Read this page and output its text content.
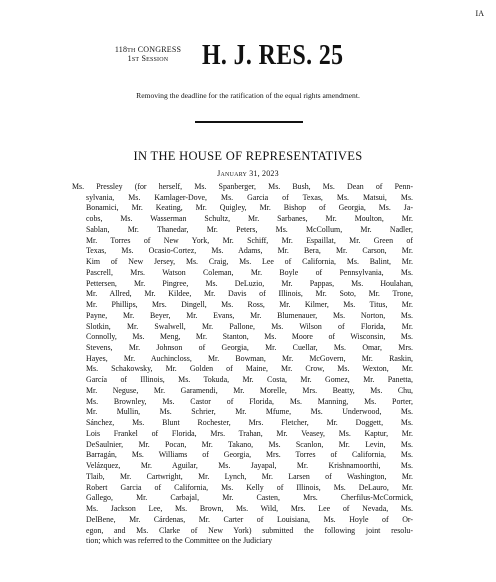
IA
118th CONGRESS
1st Session	H. J. RES. 25
Removing the deadline for the ratification of the equal rights amendment.
IN THE HOUSE OF REPRESENTATIVES
January 31, 2023
Ms. Pressley (for herself, Ms. Spanberger, Ms. Bush, Ms. Dean of Penn-
sylvania, Ms. Kamlager-Dove, Ms. Garcia of Texas, Ms. Matsui, Ms.
Bonamici, Mr. Keating, Mr. Quigley, Mr. Bishop of Georgia, Ms. Ja-
cobs, Ms. Wasserman Schultz, Mr. Sarbanes, Mr. Moulton, Mr.
Sablan, Mr. Thanedar, Mr. Peters, Ms. McCollum, Mr. Nadler,
Mr. Torres of New York, Mr. Schiff, Mr. Espaillat, Mr. Green of
Texas, Ms. Ocasio-Cortez, Ms. Adams, Mr. Bera, Mr. Carson, Mr.
Kim of New Jersey, Ms. Craig, Ms. Lee of California, Ms. Balint, Mr.
Pascrell, Mrs. Watson Coleman, Mr. Boyle of Pennsylvania, Ms.
Pettersen, Mr. Pingree, Ms. DeLuzio, Mr. Pappas, Ms. Houlahan,
Mr. Allred, Mr. Kildee, Mr. Davis of Illinois, Mr. Soto, Mr. Trone,
Mr. Phillips, Mrs. Dingell, Ms. Ross, Mr. Kilmer, Ms. Titus, Mr.
Payne, Mr. Beyer, Mr. Evans, Mr. Blumenauer, Ms. Norton, Ms.
Slotkin, Mr. Swalwell, Mr. Pallone, Ms. Wilson of Florida, Mr.
Connolly, Ms. Meng, Mr. Stanton, Ms. Moore of Wisconsin, Ms.
Stevens, Mr. Johnson of Georgia, Mr. Cuellar, Ms. Omar, Mrs.
Hayes, Mr. Auchincloss, Mr. Bowman, Mr. McGovern, Mr. Raskin,
Ms. Schakowsky, Mr. Golden of Maine, Mr. Crow, Ms. Wexton, Mr.
García of Illinois, Ms. Tokuda, Mr. Costa, Mr. Gomez, Mr. Panetta,
Mr. Neguse, Mr. Garamendi, Mr. Morelle, Mrs. Beatty, Ms. Chu,
Ms. Brownley, Ms. Castor of Florida, Ms. Manning, Ms. Porter,
Mr. Mullin, Ms. Schrier, Mr. Mfume, Ms. Underwood, Ms.
Sánchez, Ms. Blunt Rochester, Mrs. Fletcher, Mr. Doggett, Ms.
Lois Frankel of Florida, Mrs. Trahan, Mr. Veasey, Ms. Kaptur, Mr.
DeSaulnier, Mr. Pocan, Mr. Takano, Ms. Scanlon, Mr. Levin, Ms.
Barragán, Ms. Williams of Georgia, Mrs. Torres of California, Ms.
Velázquez, Mr. Aguilar, Ms. Jayapal, Mr. Krishnamoorthi, Ms.
Tlaib, Mr. Cartwright, Mr. Lynch, Mr. Larsen of Washington, Mr.
Robert Garcia of California, Ms. Kelly of Illinois, Ms. DeLauro, Mr.
Gallego, Mr. Carbajal, Mr. Casten, Mrs. Cherfilus-McCormick,
Ms. Jackson Lee, Ms. Brown, Ms. Wild, Mrs. Lee of Nevada, Ms.
DelBene, Mr. Cárdenas, Mr. Carter of Louisiana, Ms. Hoyle of Or-
egon, and Ms. Clarke of New York) submitted the following joint resolu-
tion; which was referred to the Committee on the Judiciary
